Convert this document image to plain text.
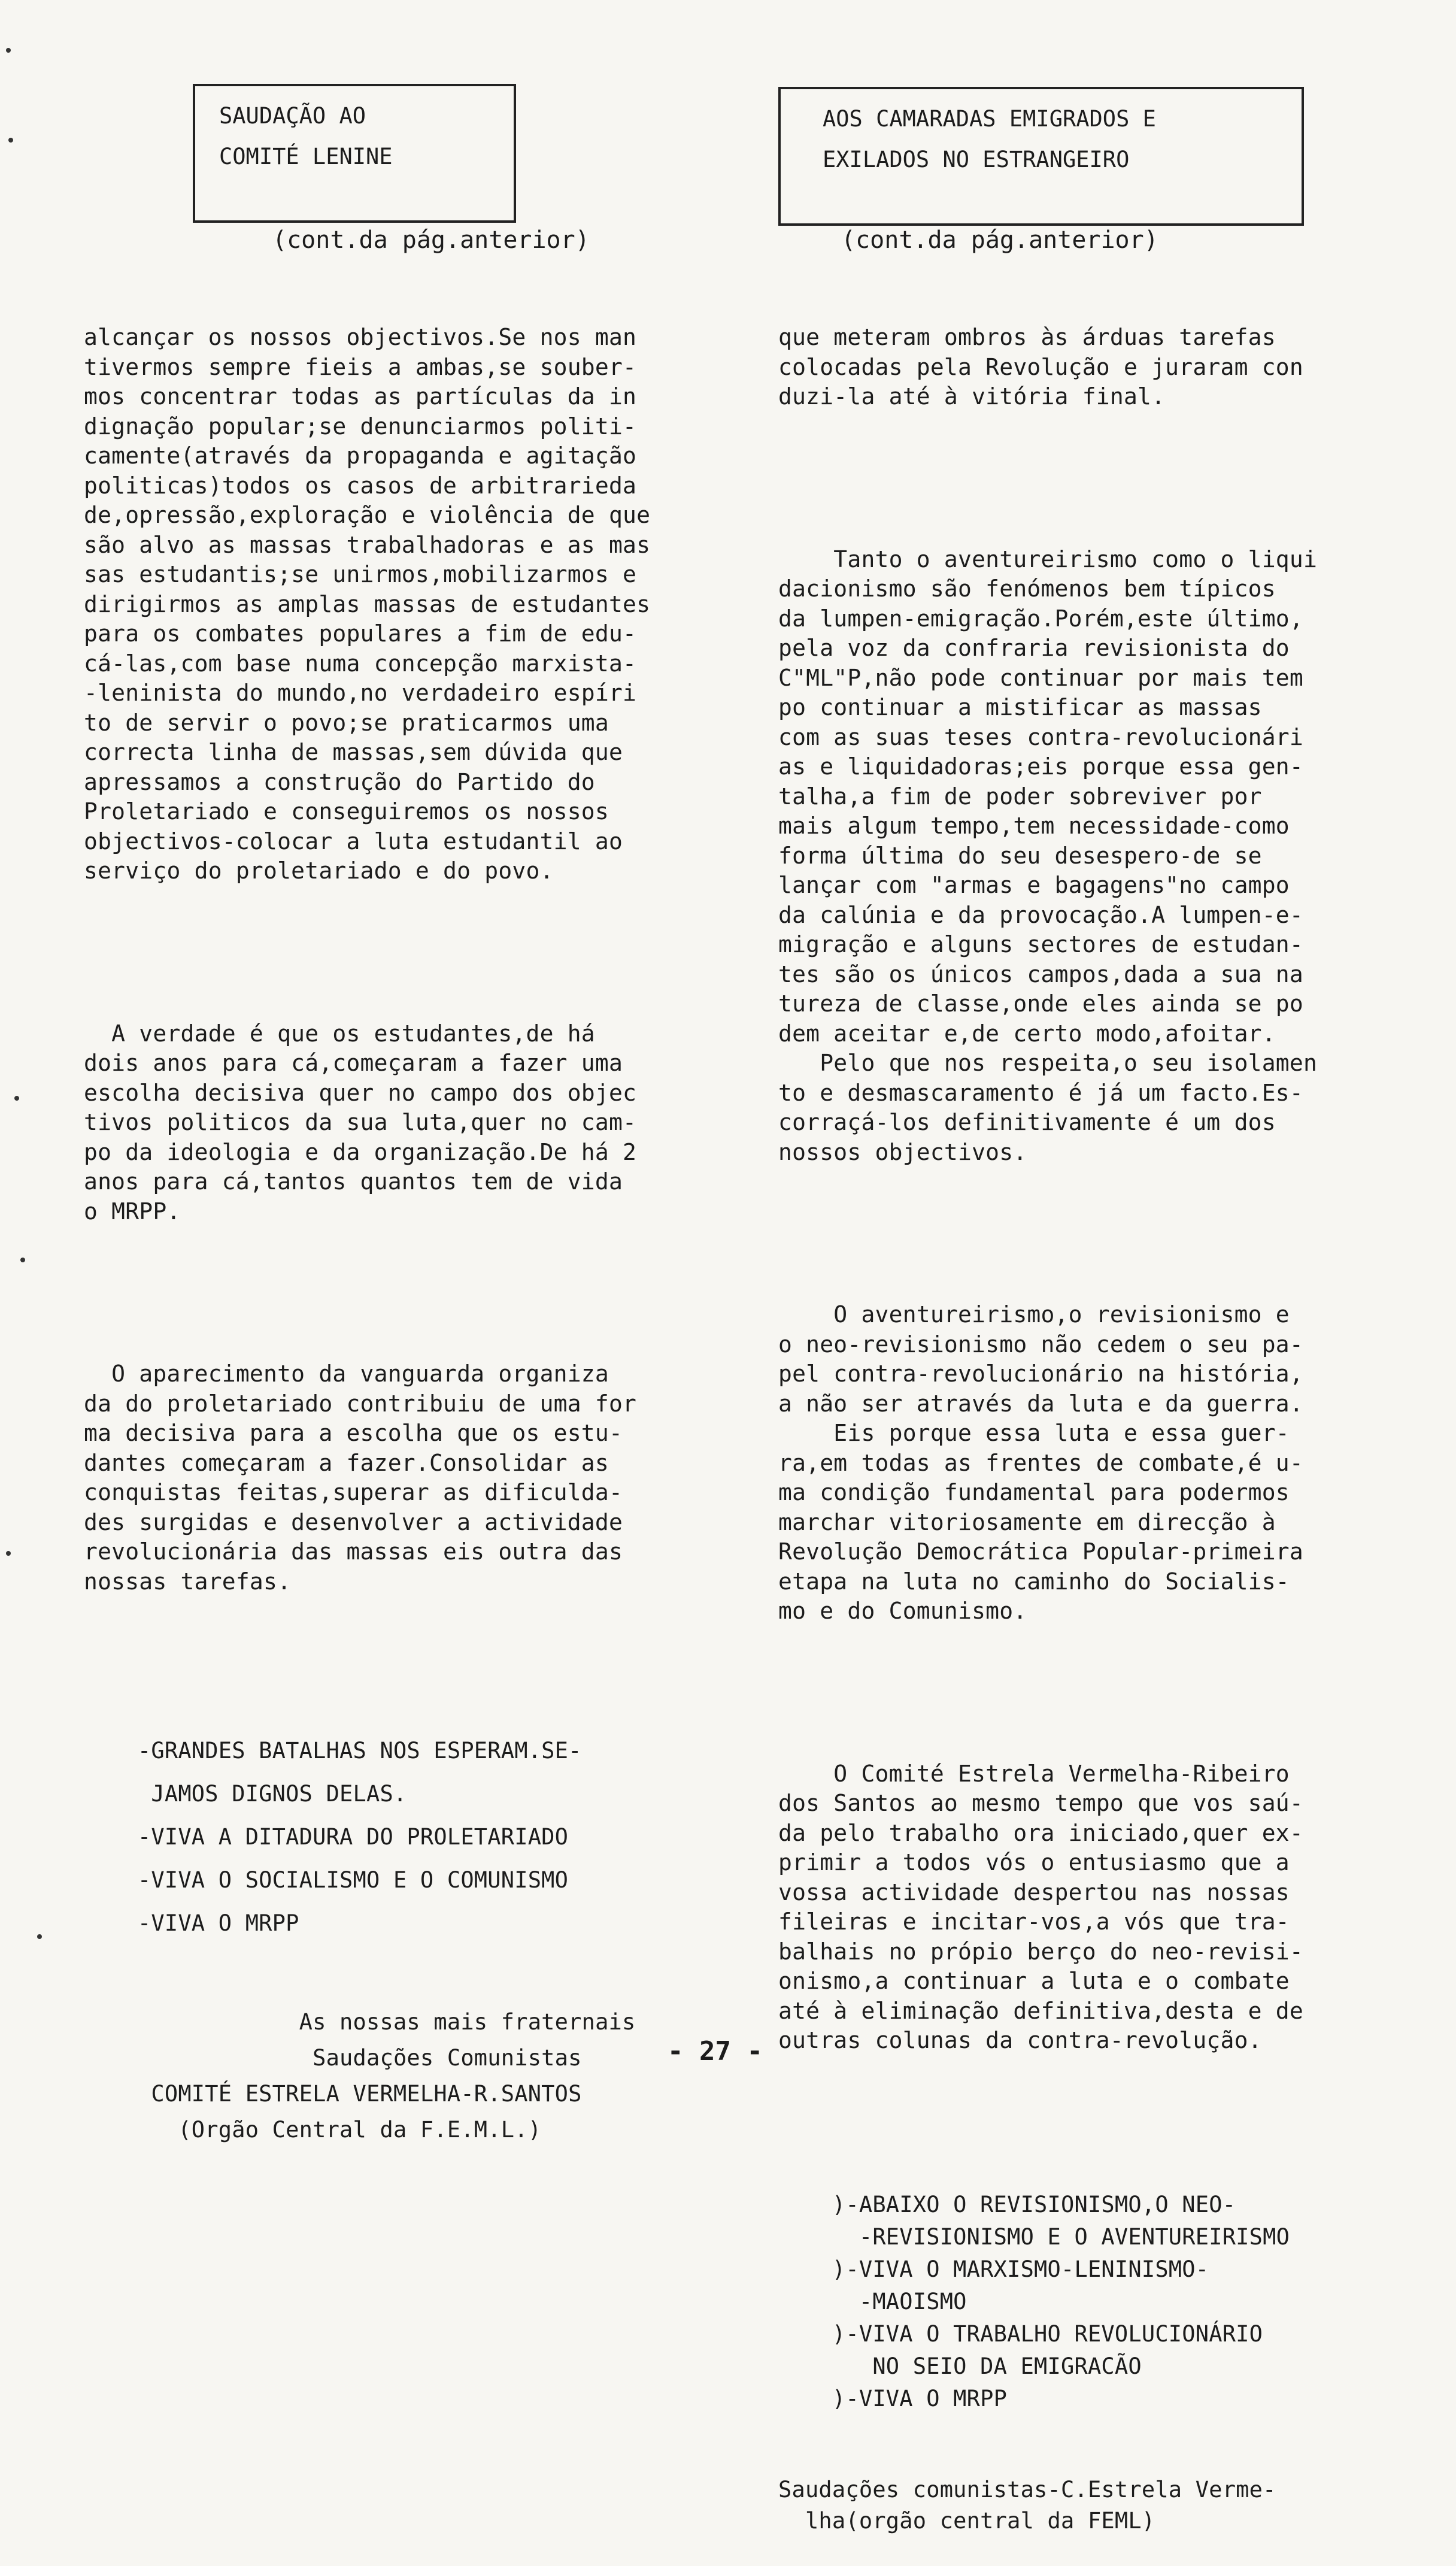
SAUDAÇÃO AO
COMITÉ LENINE
(cont.da pág.anterior)

alcançar os nossos objectivos.Se nos man
tivermos sempre fieis a ambas,se souber-
mos concentrar todas as partículas da in
dignação popular;se denunciarmos politi-
camente(através da propaganda e agitação
politicas)todos os casos de arbitrarieda
de,opressão,exploração e violência de que
são alvo as massas trabalhadoras e as mas
sas estudantis;se unirmos,mobilizarmos e
dirigirmos as amplas massas de estudantes
para os combates populares a fim de edu-
cá-las,com base numa concepção marxista-
-leninista do mundo,no verdadeiro espíri
to de servir o povo;se praticarmos uma
correcta linha de massas,sem dúvida que
apressamos a construção do Partido do
Proletariado e conseguiremos os nossos
objectivos-colocar a luta estudantil ao
serviço do proletariado e do povo.

A verdade é que os estudantes,de há
dois anos para cá,começaram a fazer uma
escolha decisiva quer no campo dos objec
tivos politicos da sua luta,quer no cam-
po da ideologia e da organização.De há 2
anos para cá,tantos quantos tem de vida
o MRPP.

O aparecimento da vanguarda organiza
da do proletariado contribuiu de uma for
ma decisiva para a escolha que os estu-
dantes começaram a fazer.Consolidar as
conquistas feitas,superar as dificulda-
des surgidas e desenvolver a actividade
revolucionária das massas eis outra das
nossas tarefas.

-GRANDES BATALHAS NOS ESPERAM.SE-
JAMOS DIGNOS DELAS.
-VIVA A DITADURA DO PROLETARIADO
-VIVA O SOCIALISMO E O COMUNISMO
-VIVA O MRPP

As nossas mais fraternais
Saudações Comunistas
COMITÉ ESTRELA VERMELHA-R.SANTOS
(Orgão Central da F.E.M.L.)

AOS CAMARADAS EMIGRADOS E
EXILADOS NO ESTRANGEIRO
(cont.da pág.anterior)

que meteram ombros às árduas tarefas
colocadas pela Revolução e juraram con
duzi-la até à vitória final.

Tanto o aventureirismo como o liqui
dacionismo são fenómenos bem típicos
da lumpen-emigração.Porém,este último,
pela voz da confraria revisionista do
C"ML"P,não pode continuar por mais tem
po continuar a mistificar as massas
com as suas teses contra-revolucionári
as e liquidadoras;eis porque essa gen-
talha,a fim de poder sobreviver por
mais algum tempo,tem necessidade-como
forma última do seu desespero-de se
lançar com "armas e bagagens"no campo
da calúnia e da provocação.A lumpen-e-
migração e alguns sectores de estudan-
tes são os únicos campos,dada a sua na
tureza de classe,onde eles ainda se po
dem aceitar e,de certo modo,afoitar.
Pelo que nos respeita,o seu isolamen
to e desmascaramento é já um facto.Es-
corraçá-los definitivamente é um dos
nossos objectivos.

O aventureirismo,o revisionismo e
o neo-revisionismo não cedem o seu pa-
pel contra-revolucionário na história,
a não ser através da luta e da guerra.
Eis porque essa luta e essa guer-
ra,em todas as frentes de combate,é u-
ma condição fundamental para podermos
marchar vitoriosamente em direcção à
Revolução Democrática Popular-primeira
etapa na luta no caminho do Socialis-
mo e do Comunismo.

O Comité Estrela Vermelha-Ribeiro
dos Santos ao mesmo tempo que vos saú-
da pelo trabalho ora iniciado,quer ex-
primir a todos vós o entusiasmo que a
vossa actividade despertou nas nossas
fileiras e incitar-vos,a vós que tra-
balhais no própio berço do neo-revisi-
onismo,a continuar a luta e o combate
até à eliminação definitiva,desta e de
outras colunas da contra-revolução.

)-ABAIXO O REVISIONISMO,O NEO-
-REVISIONISMO E O AVENTUREIRISMO
)-VIVA O MARXISMO-LENINISMO-
-MAOISMO
)-VIVA O TRABALHO REVOLUCIONÁRIO
NO SEIO DA EMIGRACÃO
)-VIVA O MRPP

Saudações comunistas-C.Estrela Verme-
lha(orgão central da FEML)

- 27 -
